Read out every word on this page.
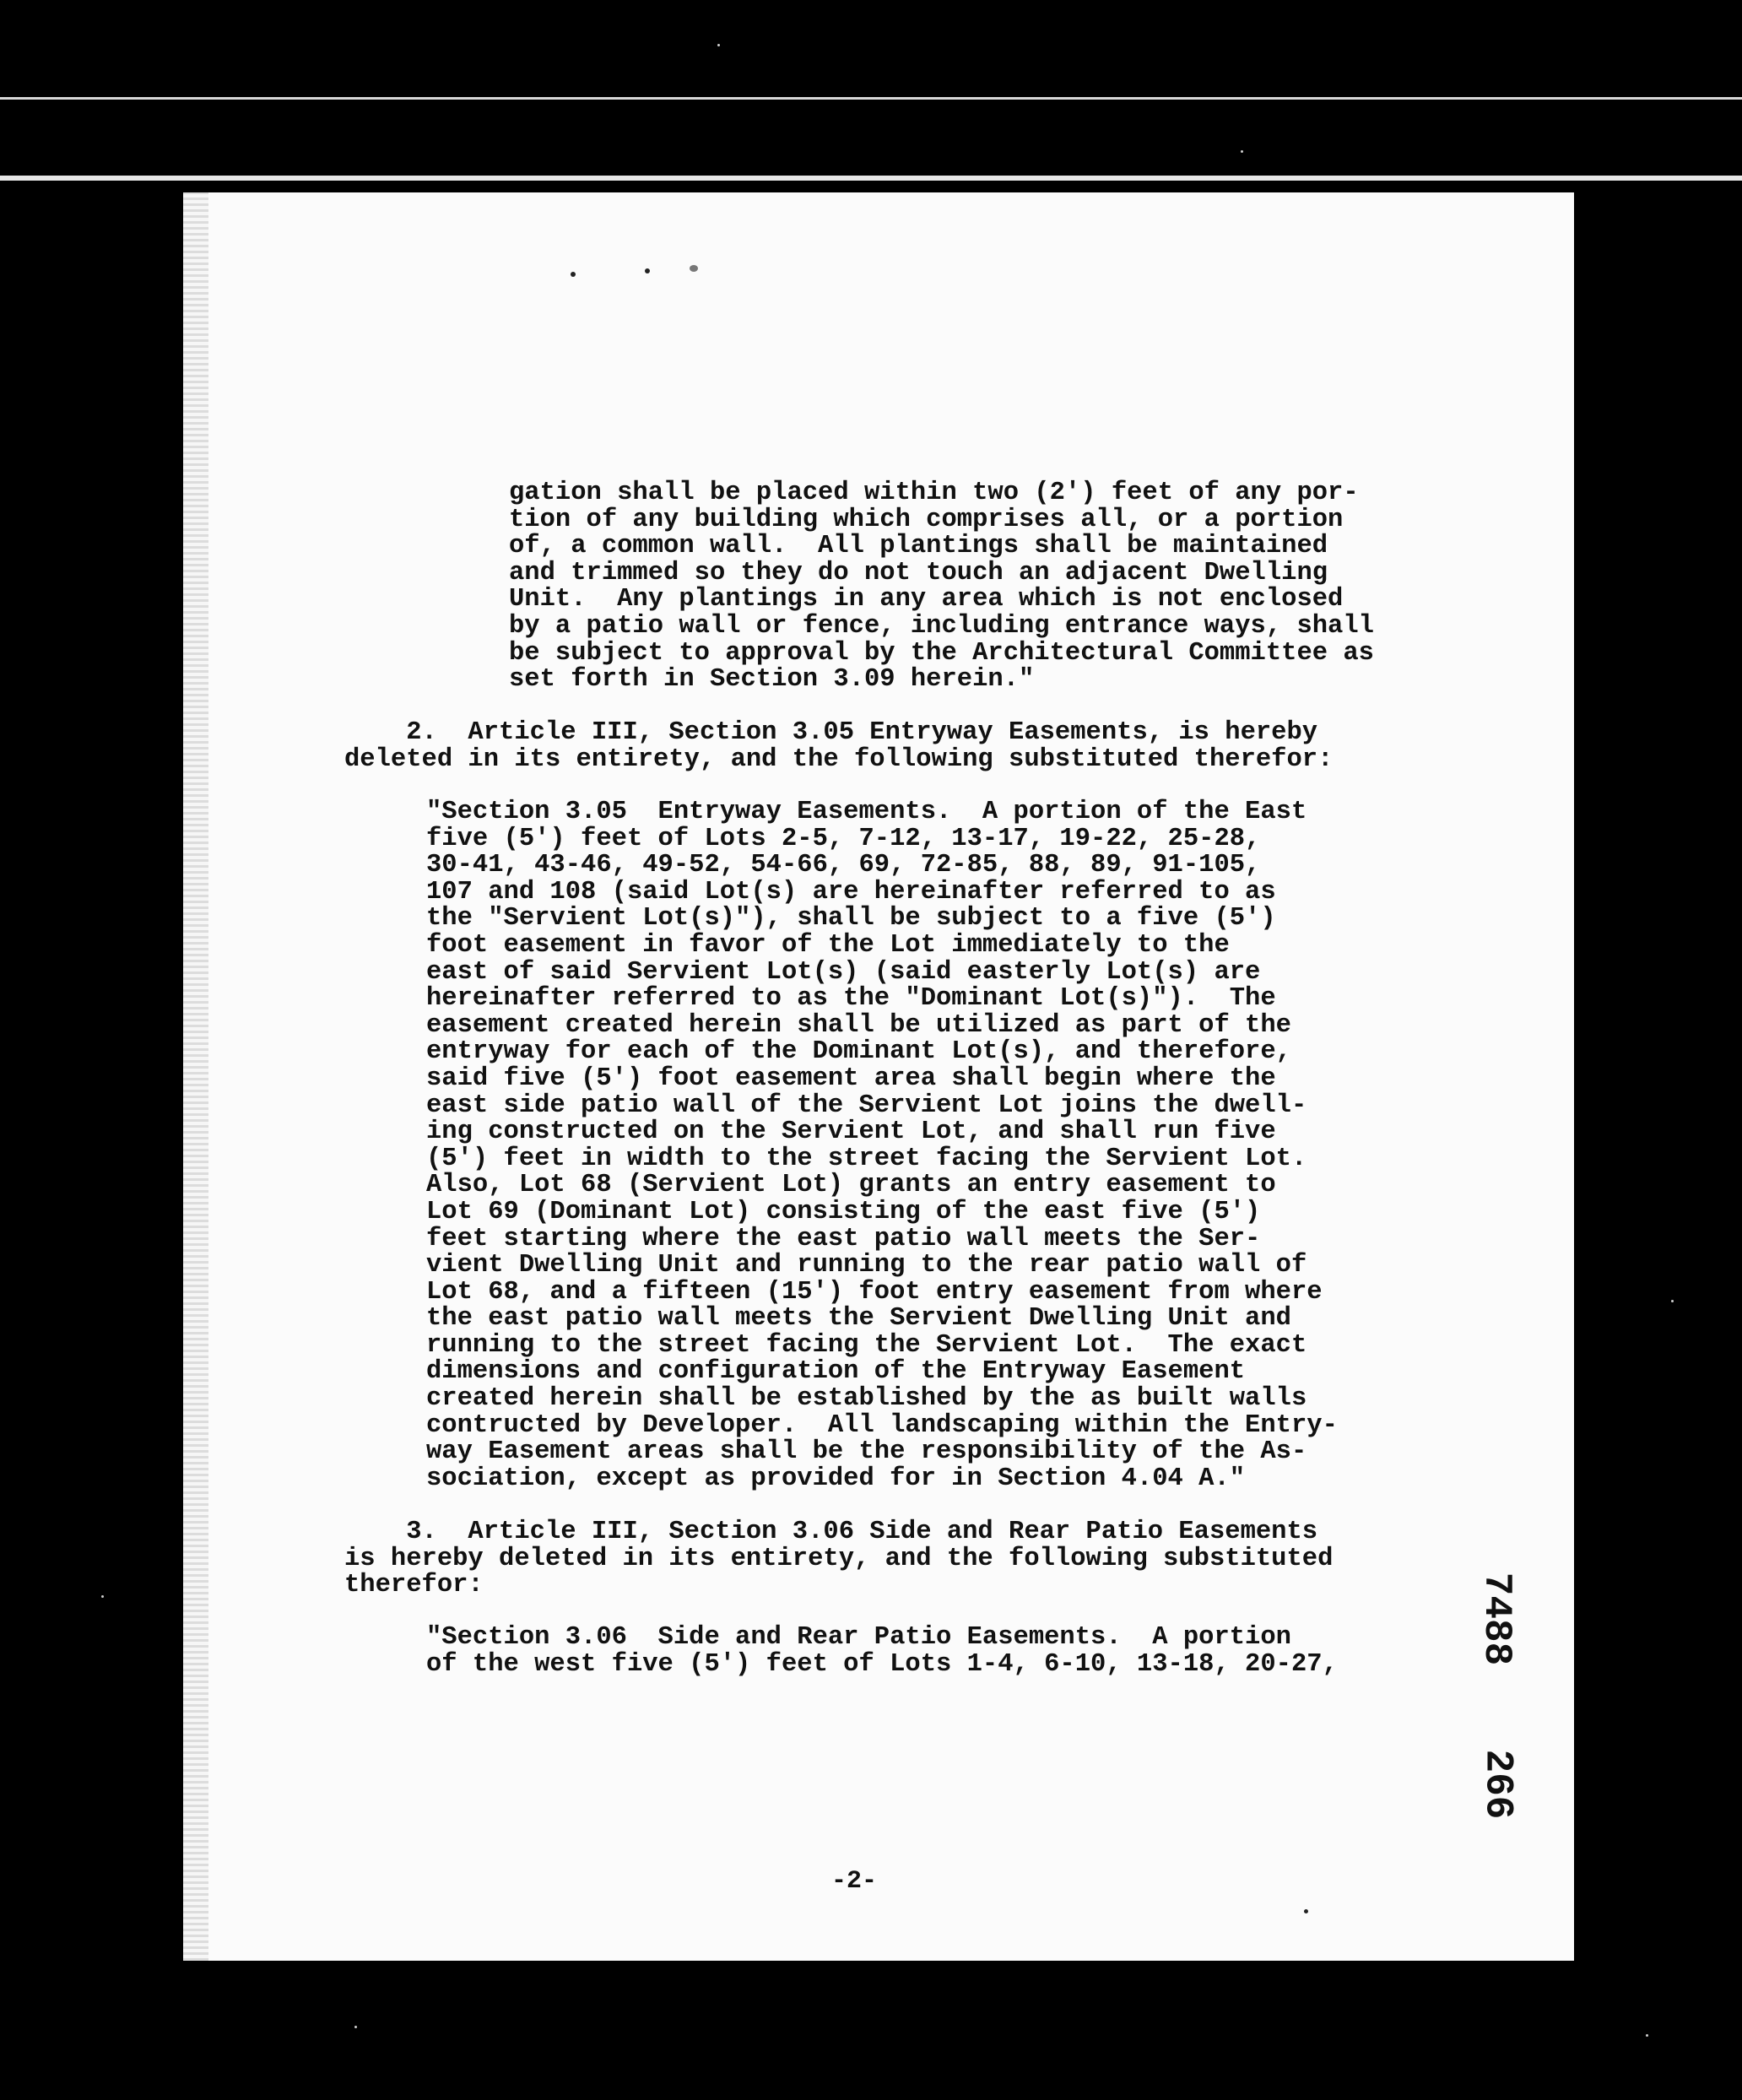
gation shall be placed within two (2') feet of any por-
tion of any building which comprises all, or a portion
of, a common wall.  All plantings shall be maintained
and trimmed so they do not touch an adjacent Dwelling
Unit.  Any plantings in any area which is not enclosed
by a patio wall or fence, including entrance ways, shall
be subject to approval by the Architectural Committee as
set forth in Section 3.09 herein."
2.  Article III, Section 3.05 Entryway Easements, is hereby
deleted in its entirety, and the following substituted therefor:
"Section 3.05  Entryway Easements.  A portion of the East
five (5') feet of Lots 2-5, 7-12, 13-17, 19-22, 25-28,
30-41, 43-46, 49-52, 54-66, 69, 72-85, 88, 89, 91-105,
107 and 108 (said Lot(s) are hereinafter referred to as
the "Servient Lot(s)"), shall be subject to a five (5')
foot easement in favor of the Lot immediately to the
east of said Servient Lot(s) (said easterly Lot(s) are
hereinafter referred to as the "Dominant Lot(s)").  The
easement created herein shall be utilized as part of the
entryway for each of the Dominant Lot(s), and therefore,
said five (5') foot easement area shall begin where the
east side patio wall of the Servient Lot joins the dwell-
ing constructed on the Servient Lot, and shall run five
(5') feet in width to the street facing the Servient Lot.
Also, Lot 68 (Servient Lot) grants an entry easement to
Lot 69 (Dominant Lot) consisting of the east five (5')
feet starting where the east patio wall meets the Ser-
vient Dwelling Unit and running to the rear patio wall of
Lot 68, and a fifteen (15') foot entry easement from where
the east patio wall meets the Servient Dwelling Unit and
running to the street facing the Servient Lot.  The exact
dimensions and configuration of the Entryway Easement
created herein shall be established by the as built walls
contructed by Developer.  All landscaping within the Entry-
way Easement areas shall be the responsibility of the As-
sociation, except as provided for in Section 4.04 A."
3.  Article III, Section 3.06 Side and Rear Patio Easements
is hereby deleted in its entirety, and the following substituted
therefor:
"Section 3.06  Side and Rear Patio Easements.  A portion
of the west five (5') feet of Lots 1-4, 6-10, 13-18, 20-27,
-2-
7488
266
